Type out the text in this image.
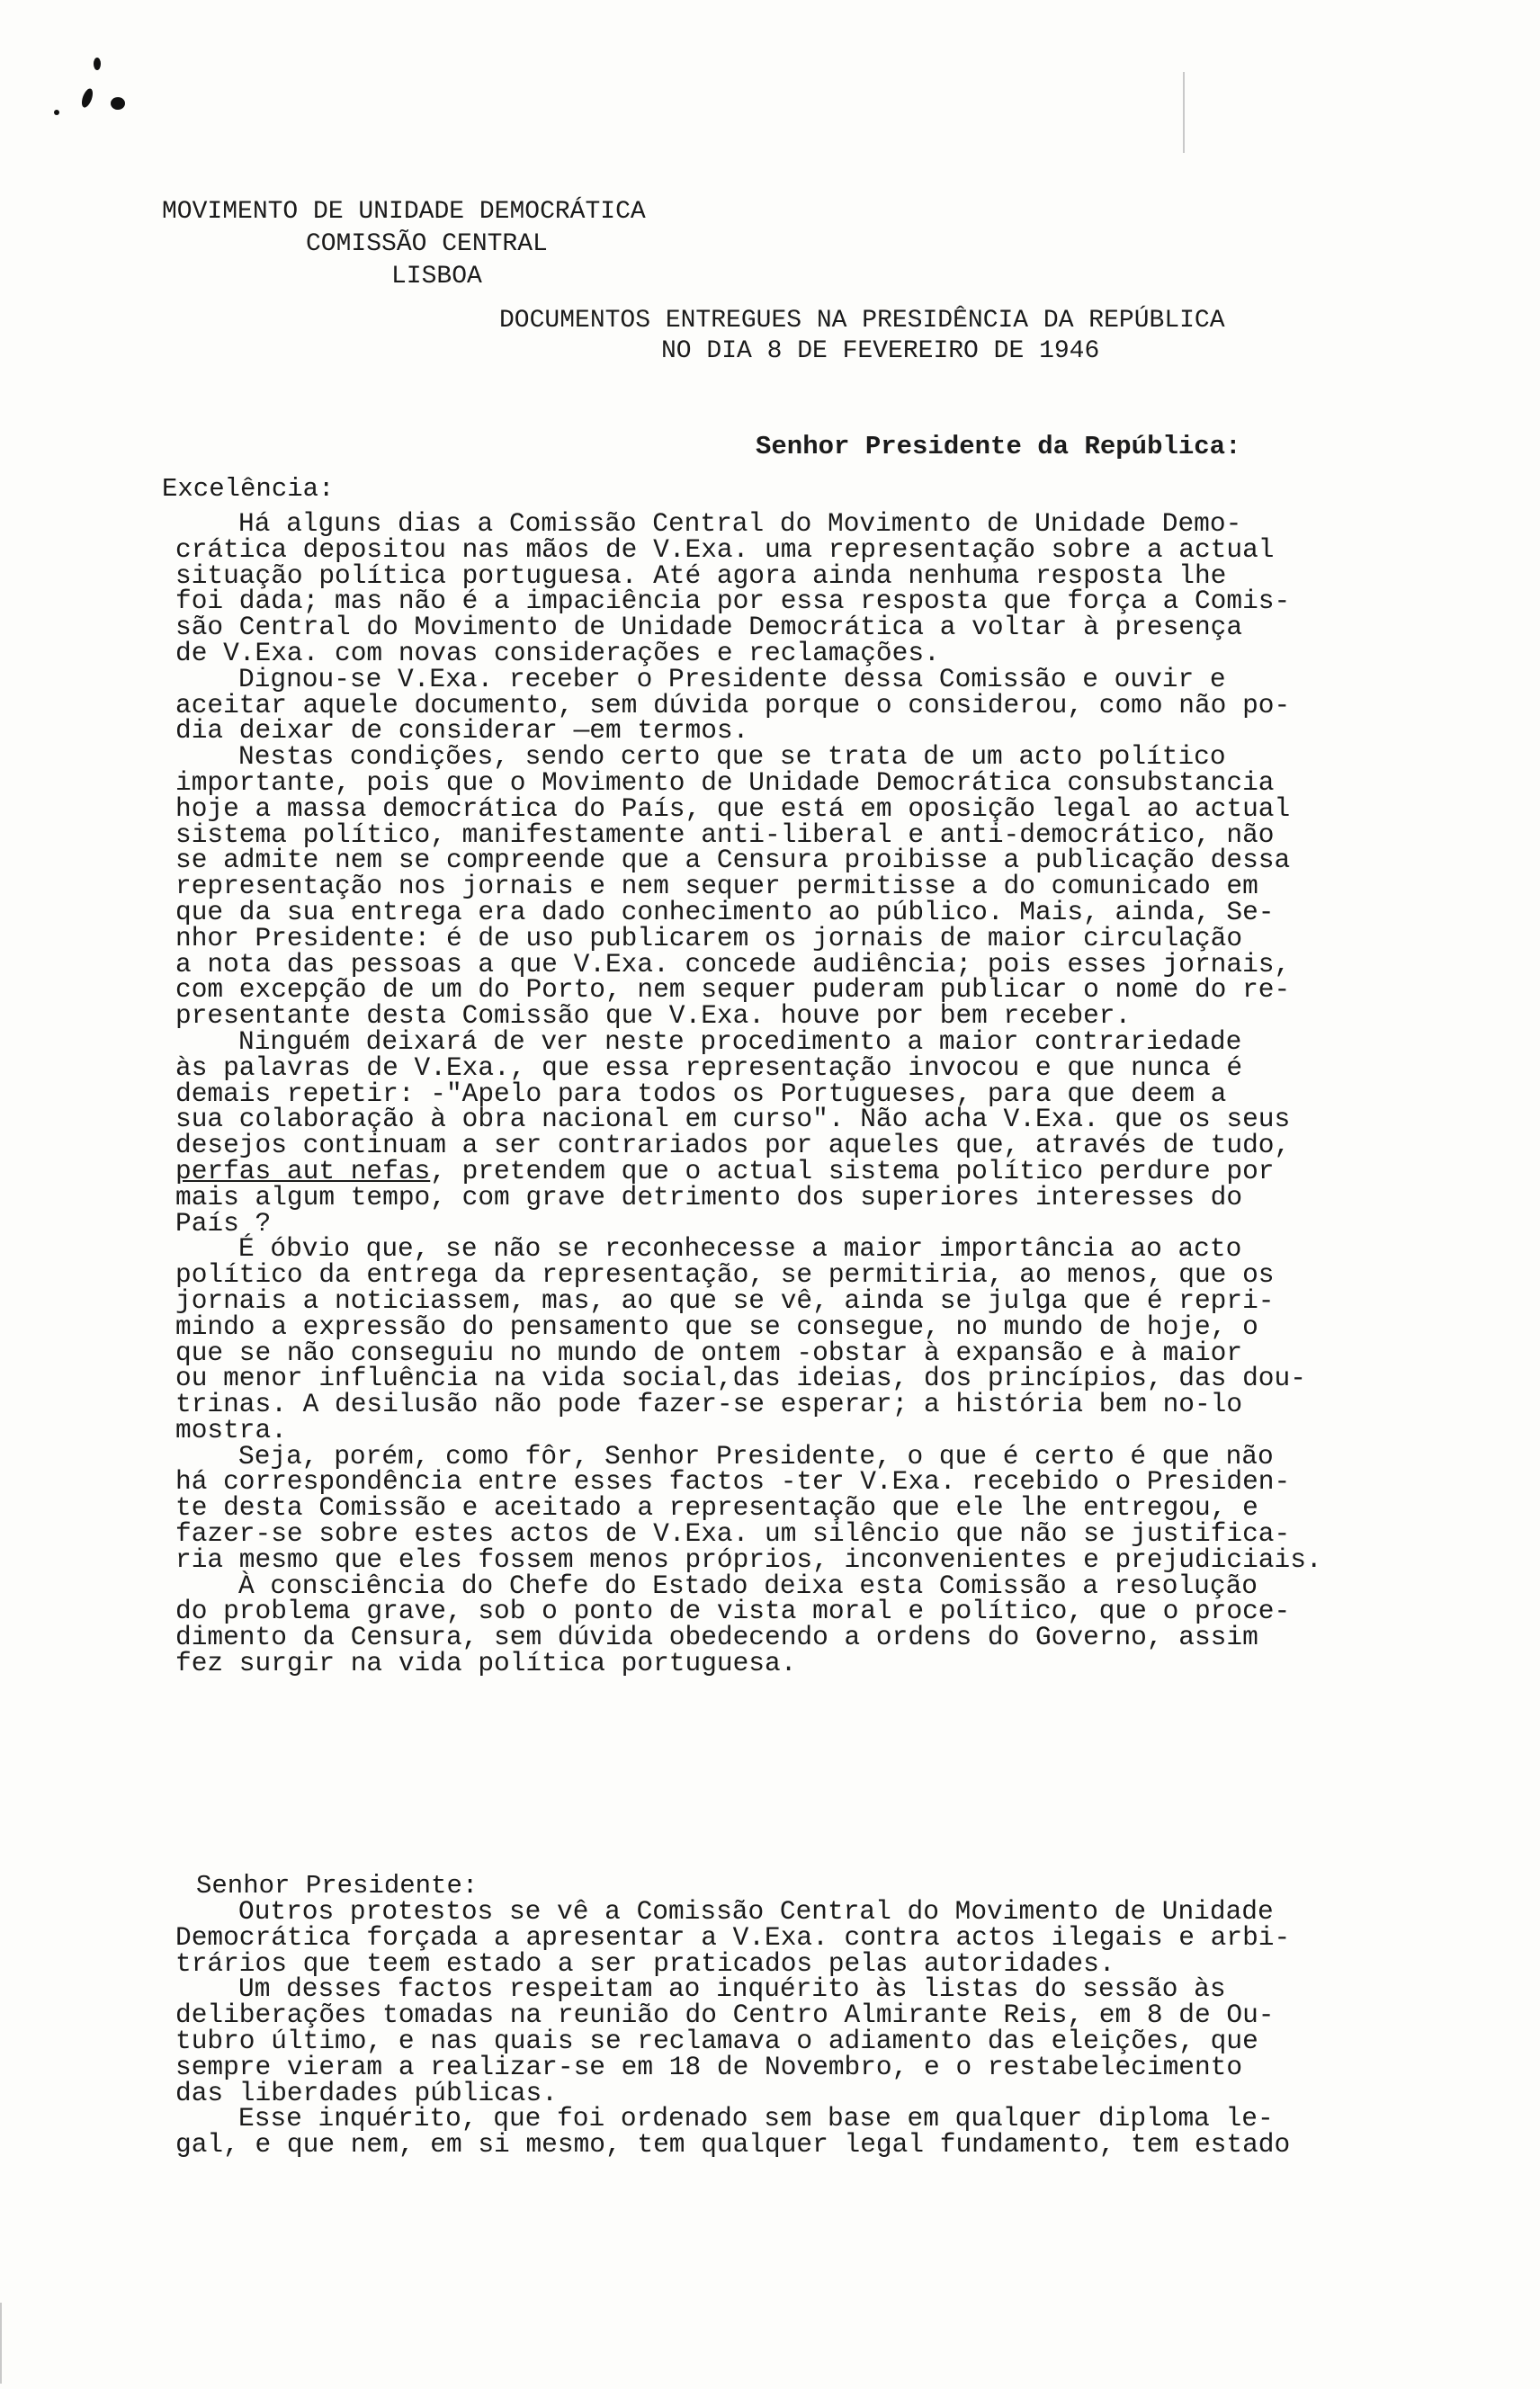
MOVIMENTO DE UNIDADE DEMOCRÁTICA
COMISSÃO CENTRAL
LISBOA
DOCUMENTOS ENTREGUES NA PRESIDÊNCIA DA REPÚBLICA
NO DIA 8 DE FEVEREIRO DE 1946
Senhor Presidente da República:
Excelência:

Há alguns dias a Comissão Central do Movimento de Unidade Demo-

crática depositou nas mãos de V.Exa. uma representação sobre a actual

situação política portuguesa. Até agora ainda nenhuma resposta lhe

foi dada; mas não é a impaciência por essa resposta que força a Comis-

são Central do Movimento de Unidade Democrática a voltar à presença

de V.Exa. com novas considerações e reclamações.

Dignou-se V.Exa. receber o Presidente dessa Comissão e ouvir e

aceitar aquele documento, sem dúvida porque o considerou, como não po-

dia deixar de considerar —em termos.

Nestas condições, sendo certo que se trata de um acto político

importante, pois que o Movimento de Unidade Democrática consubstancia

hoje a massa democrática do País, que está em oposição legal ao actual

sistema político, manifestamente anti-liberal e anti-democrático, não

se admite nem se compreende que a Censura proibisse a publicação dessa

representação nos jornais e nem sequer permitisse a do comunicado em

que da sua entrega era dado conhecimento ao público. Mais, ainda, Se-

nhor Presidente: é de uso publicarem os jornais de maior circulação

a nota das pessoas a que V.Exa. concede audiência; pois esses jornais,

com excepção de um do Porto, nem sequer puderam publicar o nome do re-

presentante desta Comissão que V.Exa. houve por bem receber.

Ninguém deixará de ver neste procedimento a maior contrariedade

às palavras de V.Exa., que essa representação invocou e que nunca é

demais repetir: -"Apelo para todos os Portugueses, para que deem a

sua colaboração à obra nacional em curso". Não acha V.Exa. que os seus

desejos continuam a ser contrariados por aqueles que, através de tudo,

perfas aut nefas, pretendem que o actual sistema político perdure por

mais algum tempo, com grave detrimento dos superiores interesses do

País ?

É óbvio que, se não se reconhecesse a maior importância ao acto

político da entrega da representação, se permitiria, ao menos, que os

jornais a noticiassem, mas, ao que se vê, ainda se julga que é repri-

mindo a expressão do pensamento que se consegue, no mundo de hoje, o

que se não conseguiu no mundo de ontem -obstar à expansão e à maior

ou menor influência na vida social,das ideias, dos princípios, das dou-

trinas. A desilusão não pode fazer-se esperar; a história bem no-lo

mostra.

Seja, porém, como fôr, Senhor Presidente, o que é certo é que não

há correspondência entre esses factos -ter V.Exa. recebido o Presiden-

te desta Comissão e aceitado a representação que ele lhe entregou, e

fazer-se sobre estes actos de V.Exa. um silêncio que não se justifica-

ria mesmo que eles fossem menos próprios, inconvenientes e prejudiciais.

À consciência do Chefe do Estado deixa esta Comissão a resolução

do problema grave, sob o ponto de vista moral e político, que o proce-

dimento da Censura, sem dúvida obedecendo a ordens do Governo, assim

fez surgir na vida política portuguesa.

Senhor Presidente:

Outros protestos se vê a Comissão Central do Movimento de Unidade

Democrática forçada a apresentar a V.Exa. contra actos ilegais e arbi-

trários que teem estado a ser praticados pelas autoridades.

Um desses factos respeitam ao inquérito às listas do sessão às

deliberações tomadas na reunião do Centro Almirante Reis, em 8 de Ou-

tubro último, e nas quais se reclamava o adiamento das eleições, que

sempre vieram a realizar-se em 18 de Novembro, e o restabelecimento

das liberdades públicas.

Esse inquérito, que foi ordenado sem base em qualquer diploma le-

gal, e que nem, em si mesmo, tem qualquer legal fundamento, tem estado
